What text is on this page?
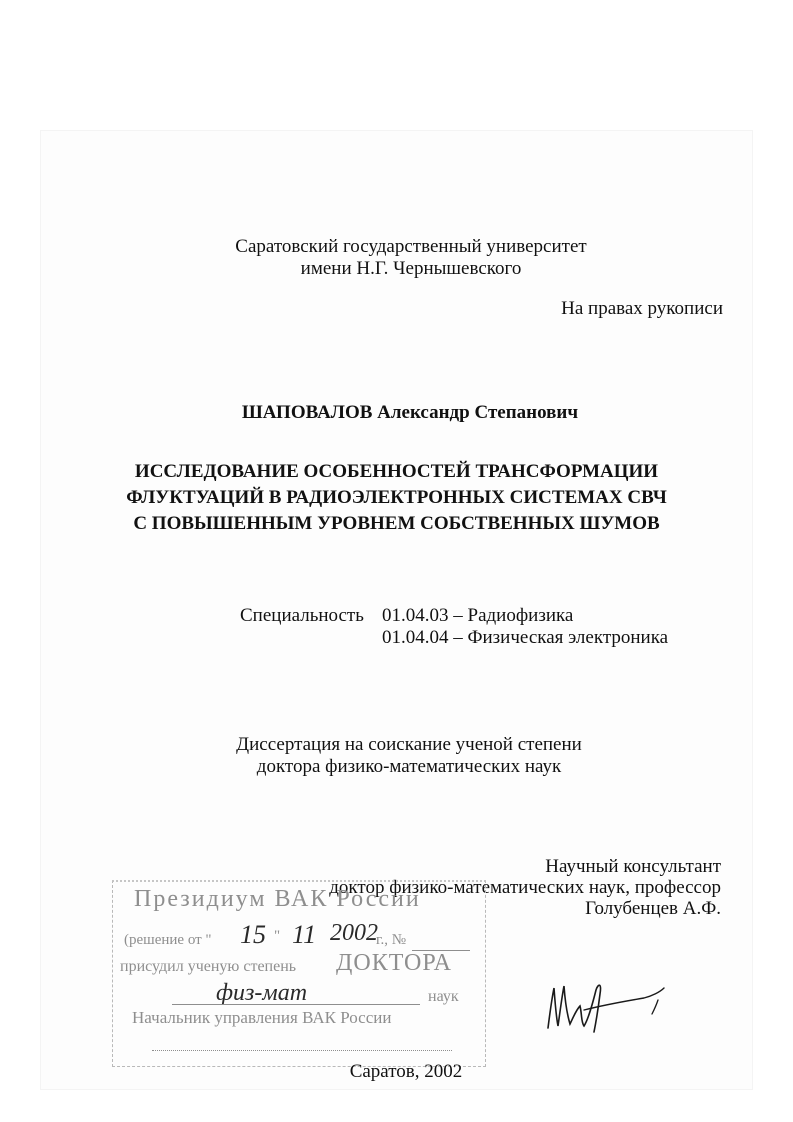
Саратовский государственный университет
имени Н.Г. Чернышевского
На правах рукописи
ШАПОВАЛОВ Александр Степанович
ИССЛЕДОВАНИЕ ОСОБЕННОСТЕЙ ТРАНСФОРМАЦИИ
ФЛУКТУАЦИЙ В РАДИОЭЛЕКТРОННЫХ СИСТЕМАХ СВЧ
С ПОВЫШЕННЫМ УРОВНЕМ СОБСТВЕННЫХ ШУМОВ
Специальность 01.04.03 – Радиофизика
01.04.04 – Физическая электроника
Диссертация на соискание ученой степени
доктора физико-математических наук
Научный консультант
доктор физико-математических наук, профессор
Голубенцев А.Ф.
Президиум ВАК России
(решение от " 15 " 11 2002
г., №
присудил ученую степень ДОКТОРА
физ-мат	наук
Начальник управления ВАК России
Саратов, 2002
